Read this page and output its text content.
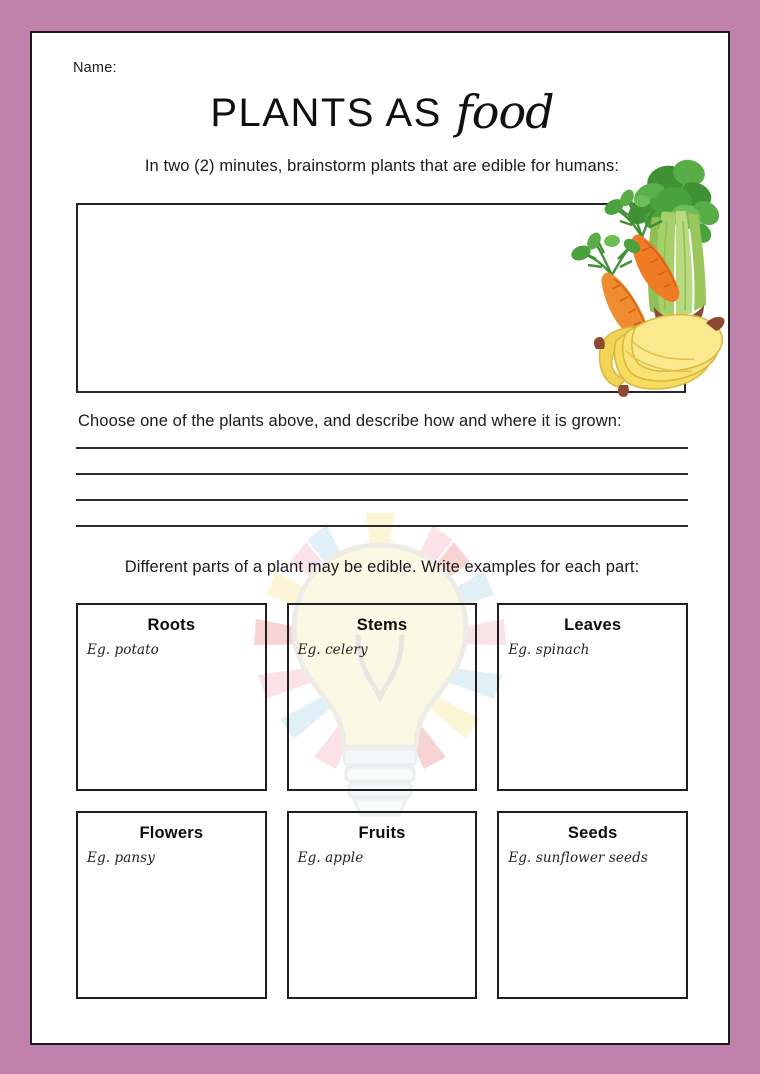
Name:
PLANTS AS food
In two (2) minutes, brainstorm plants that are edible for humans:
Choose one of the plants above, and describe how and where it is grown:
Different parts of a plant may be edible. Write examples for each part:
Roots
Eg. potato
Stems
Eg. celery
Leaves
Eg. spinach
Flowers
Eg. pansy
Fruits
Eg. apple
Seeds
Eg. sunflower seeds
